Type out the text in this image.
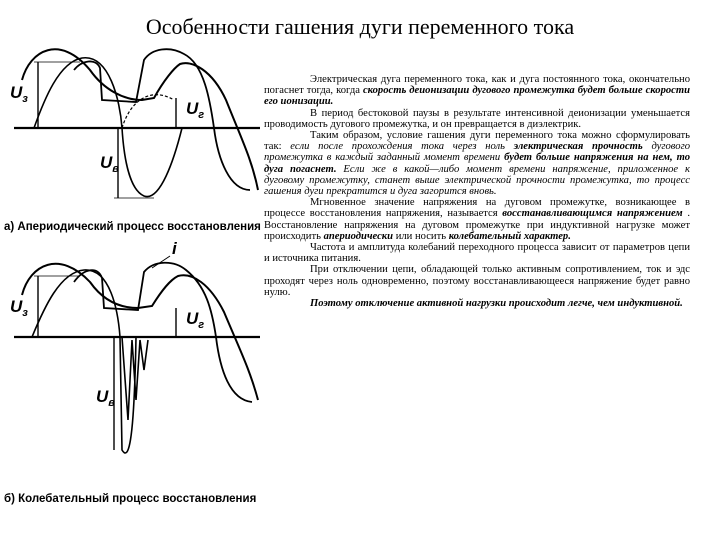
Особенности гашения дуги переменного тока
$U_з$	$U_г$
$U_в$
$U_з$	$U_г$
$U_в$
i
а) Апериодический процесс восстановления
б) Колебательный процесс восстановления

Электрическая дуга переменного тока, как и дуга постоянного тока, окончательно погаснет тогда, когда скорость деионизации дугового промежутка будет больше скорости его ионизации.

В период бестоковой паузы в результате интенсивной деионизации уменьшается проводимость дугового промежутка, и он превращается в диэлектрик.

Таким образом, условие гашения дуги переменного тока можно сформулировать так: если после прохождения тока через ноль электрическая прочность дугового промежутка в каждый заданный момент времени будет больше напряжения на нем, то дуга погаснет. Если же в какой—либо момент времени напряжение, приложенное к дуговому промежутку, станет выше электрической прочности промежутка, то процесс гашения дуги прекратится и дуга загорится вновь.

Мгновенное значение напряжения на дуговом промежутке, возникающее в процессе восстановления напряжения, называется восстанавливающимся напряжением . Восстановление напряжения на дуговом промежутке при индуктивной нагрузке может происходить апериодически или носить колебательный характер.

Частота и амплитуда колебаний переходного процесса зависит от параметров цепи и источника питания.

При отключении цепи, обладающей только активным сопротивлением, ток и эдс проходят через ноль одновременно, поэтому восстанавливающееся напряжение будет равно нулю.

Поэтому отключение активной нагрузки происходит легче, чем индуктивной.
